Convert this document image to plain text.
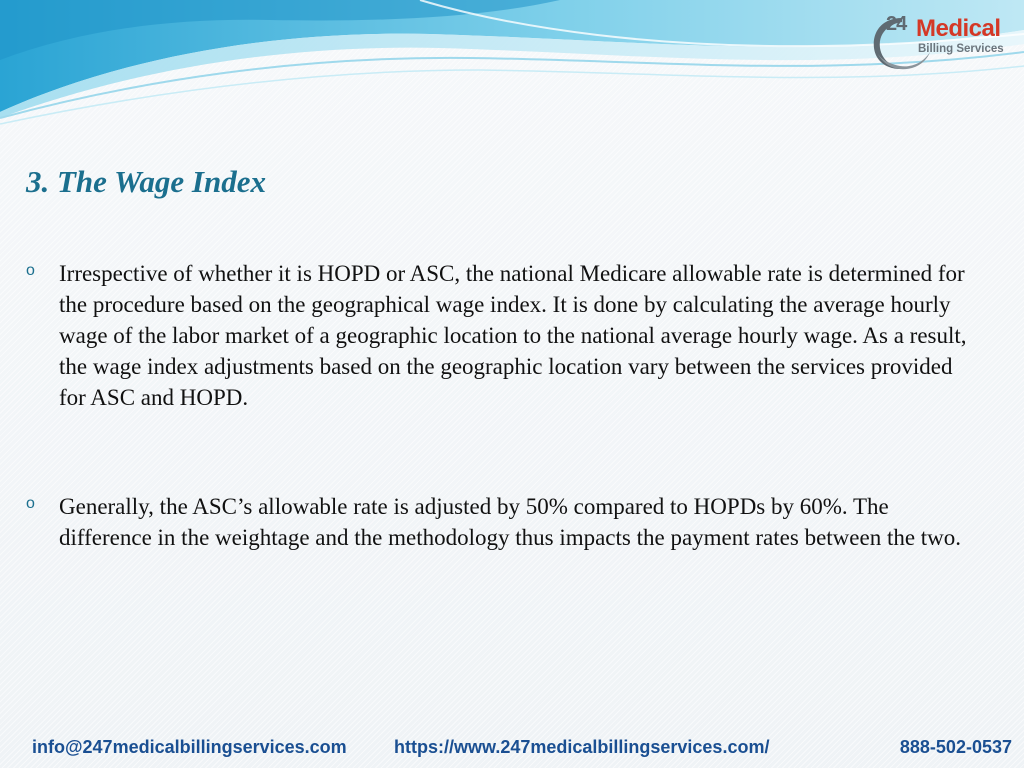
24 Medical
Billing Services
3. The Wage Index
o Irrespective of whether it is HOPD or ASC, the national Medicare allowable rate is determined for the procedure based on the geographical wage index. It is done by calculating the average hourly wage of the labor market of a geographic location to the national average hourly wage. As a result, the wage index adjustments based on the geographic location vary between the services provided for ASC and HOPD.
o Generally, the ASC’s allowable rate is adjusted by 50% compared to HOPDs by 60%. The difference in the weightage and the methodology thus impacts the payment rates between the two.
info@247medicalbillingservices.com	https://www.247medicalbillingservices.com/	888-502-0537
